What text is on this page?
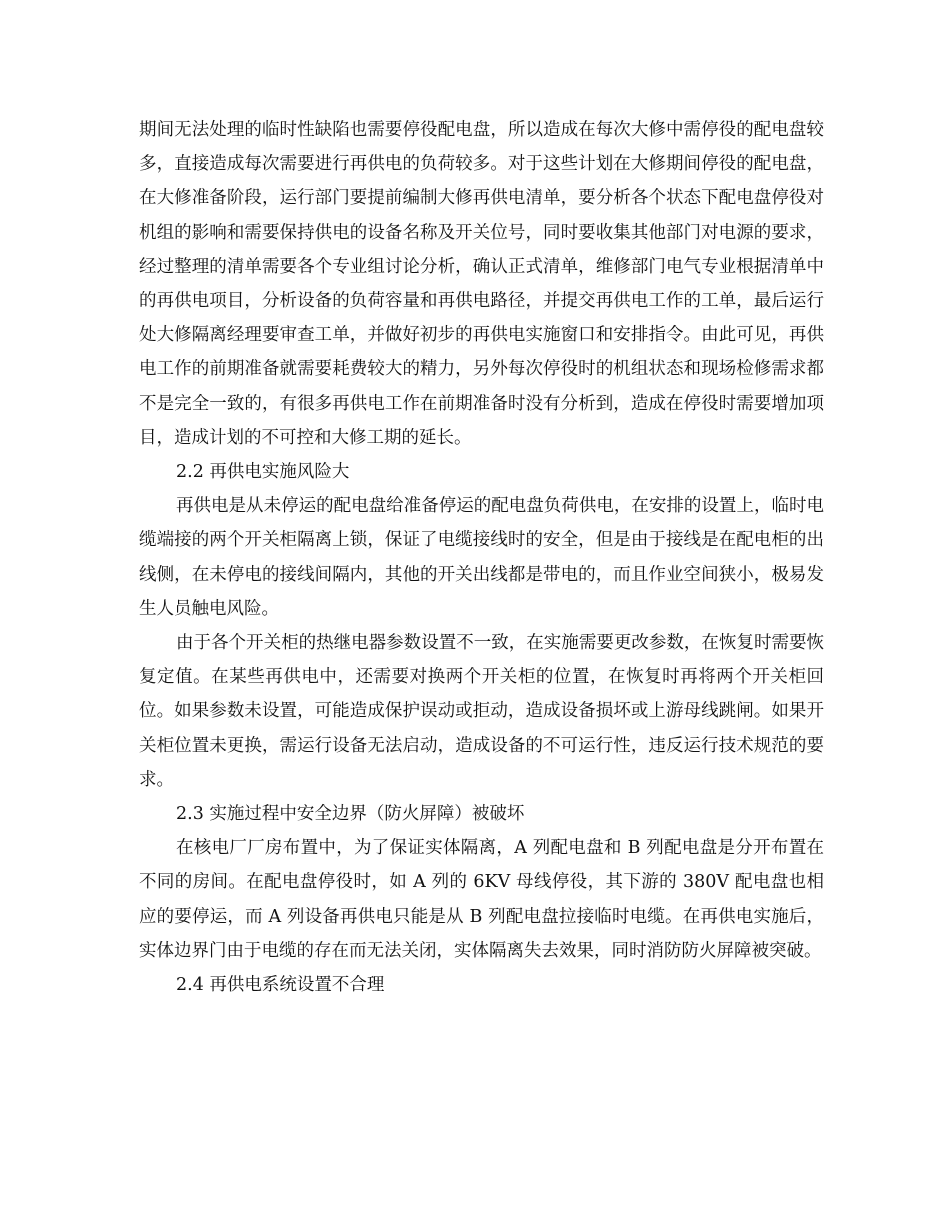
期间无法处理的临时性缺陷也需要停役配电盘，所以造成在每次大修中需停役的配电盘较多，直接造成每次需要进行再供电的负荷较多。对于这些计划在大修期间停役的配电盘，在大修准备阶段，运行部门要提前编制大修再供电清单，要分析各个状态下配电盘停役对机组的影响和需要保持供电的设备名称及开关位号，同时要收集其他部门对电源的要求，经过整理的清单需要各个专业组讨论分析，确认正式清单，维修部门电气专业根据清单中的再供电项目，分析设备的负荷容量和再供电路径，并提交再供电工作的工单，最后运行处大修隔离经理要审查工单，并做好初步的再供电实施窗口和安排指令。由此可见，再供电工作的前期准备就需要耗费较大的精力，另外每次停役时的机组状态和现场检修需求都不是完全一致的，有很多再供电工作在前期准备时没有分析到，造成在停役时需要增加项目，造成计划的不可控和大修工期的延长。

2.2 再供电实施风险大

再供电是从未停运的配电盘给准备停运的配电盘负荷供电，在安排的设置上，临时电缆端接的两个开关柜隔离上锁，保证了电缆接线时的安全，但是由于接线是在配电柜的出线侧，在未停电的接线间隔内，其他的开关出线都是带电的，而且作业空间狭小，极易发生人员触电风险。

由于各个开关柜的热继电器参数设置不一致，在实施需要更改参数，在恢复时需要恢复定值。在某些再供电中，还需要对换两个开关柜的位置，在恢复时再将两个开关柜回位。如果参数未设置，可能造成保护误动或拒动，造成设备损坏或上游母线跳闸。如果开关柜位置未更换，需运行设备无法启动，造成设备的不可运行性，违反运行技术规范的要求。

2.3 实施过程中安全边界（防火屏障）被破坏

在核电厂厂房布置中，为了保证实体隔离，A 列配电盘和 B 列配电盘是分开布置在不同的房间。在配电盘停役时，如 A 列的 6KV 母线停役，其下游的 380V 配电盘也相应的要停运，而 A 列设备再供电只能是从 B 列配电盘拉接临时电缆。在再供电实施后，实体边界门由于电缆的存在而无法关闭，实体隔离失去效果，同时消防防火屏障被突破。

2.4 再供电系统设置不合理
